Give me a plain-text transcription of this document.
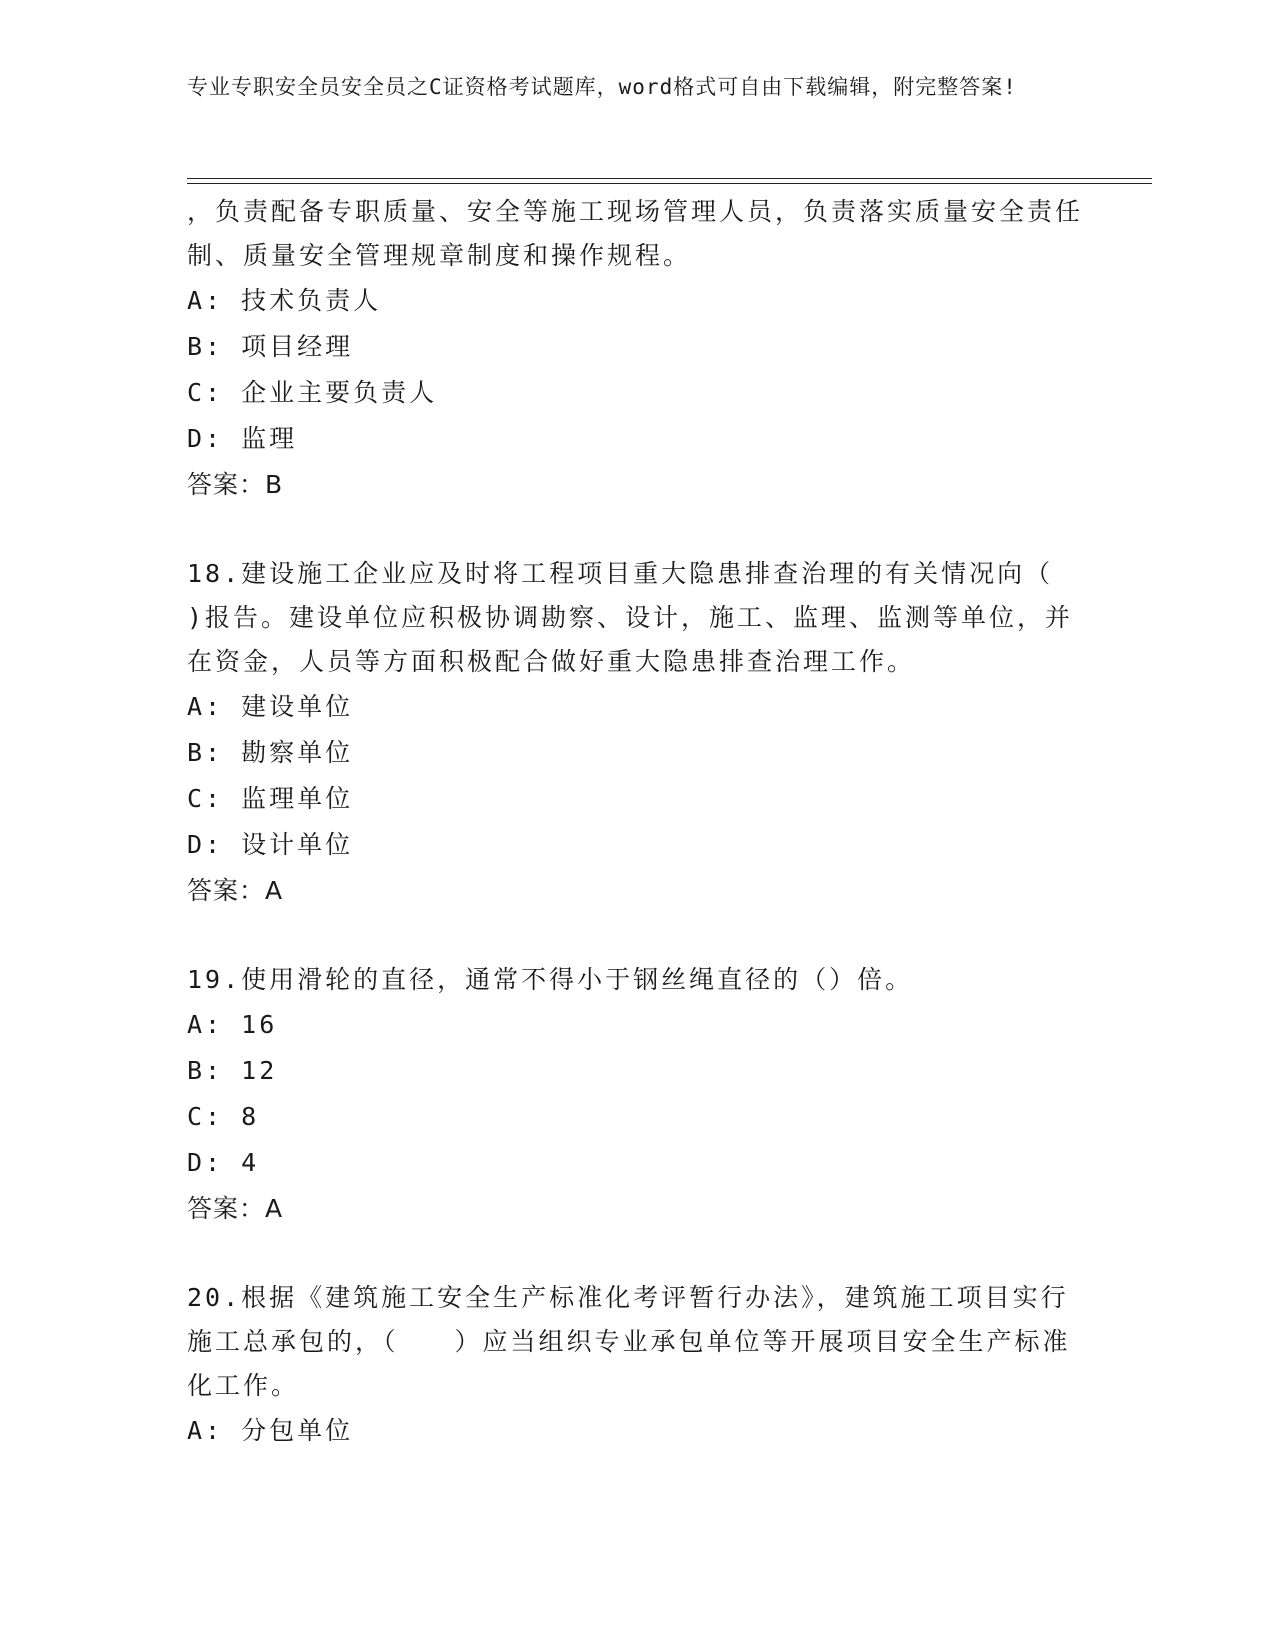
专业专职安全员安全员之C证资格考试题库，word格式可自由下载编辑，附完整答案!

，负责配备专职质量、安全等施工现场管理人员，负责落实质量安全责任制、质量安全管理规章制度和操作规程。

A: 技术负责人

B: 项目经理

C: 企业主要负责人

D: 监理

答案：B

18.建设施工企业应及时将工程项目重大隐患排查治理的有关情况向（ )报告。建设单位应积极协调勘察、设计，施工、监理、监测等单位，并在资金，人员等方面积极配合做好重大隐患排查治理工作。

A: 建设单位

B: 勘察单位

C: 监理单位

D: 设计单位

答案：A

19.使用滑轮的直径，通常不得小于钢丝绳直径的（）倍。

A: 16

B: 12

C: 8

D: 4

答案：A

20.根据《建筑施工安全生产标准化考评暂行办法》，建筑施工项目实行施工总承包的，（　　）应当组织专业承包单位等开展项目安全生产标准化工作。

A: 分包单位
